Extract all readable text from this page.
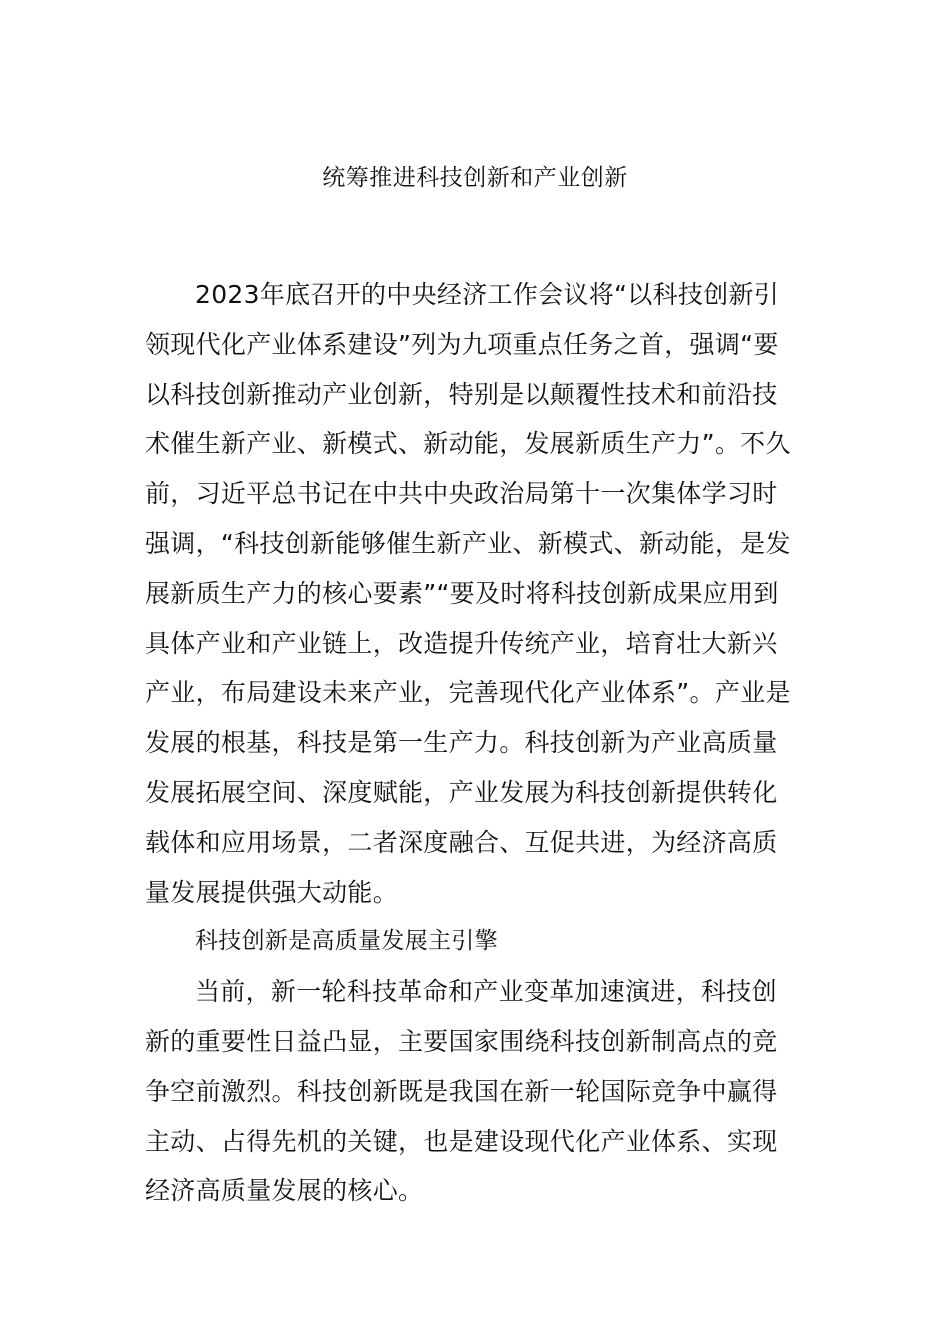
统筹推进科技创新和产业创新
2023年底召开的中央经济工作会议将“以科技创新引
领现代化产业体系建设”列为九项重点任务之首，强调“要
以科技创新推动产业创新，特别是以颠覆性技术和前沿技
术催生新产业、新模式、新动能，发展新质生产力”。不久
前，习近平总书记在中共中央政治局第十一次集体学习时
强调，“科技创新能够催生新产业、新模式、新动能，是发
展新质生产力的核心要素”“要及时将科技创新成果应用到
具体产业和产业链上，改造提升传统产业，培育壮大新兴
产业，布局建设未来产业，完善现代化产业体系”。产业是
发展的根基，科技是第一生产力。科技创新为产业高质量
发展拓展空间、深度赋能，产业发展为科技创新提供转化
载体和应用场景，二者深度融合、互促共进，为经济高质
量发展提供强大动能。
科技创新是高质量发展主引擎
当前，新一轮科技革命和产业变革加速演进，科技创
新的重要性日益凸显，主要国家围绕科技创新制高点的竞
争空前激烈。科技创新既是我国在新一轮国际竞争中赢得
主动、占得先机的关键，也是建设现代化产业体系、实现
经济高质量发展的核心。
